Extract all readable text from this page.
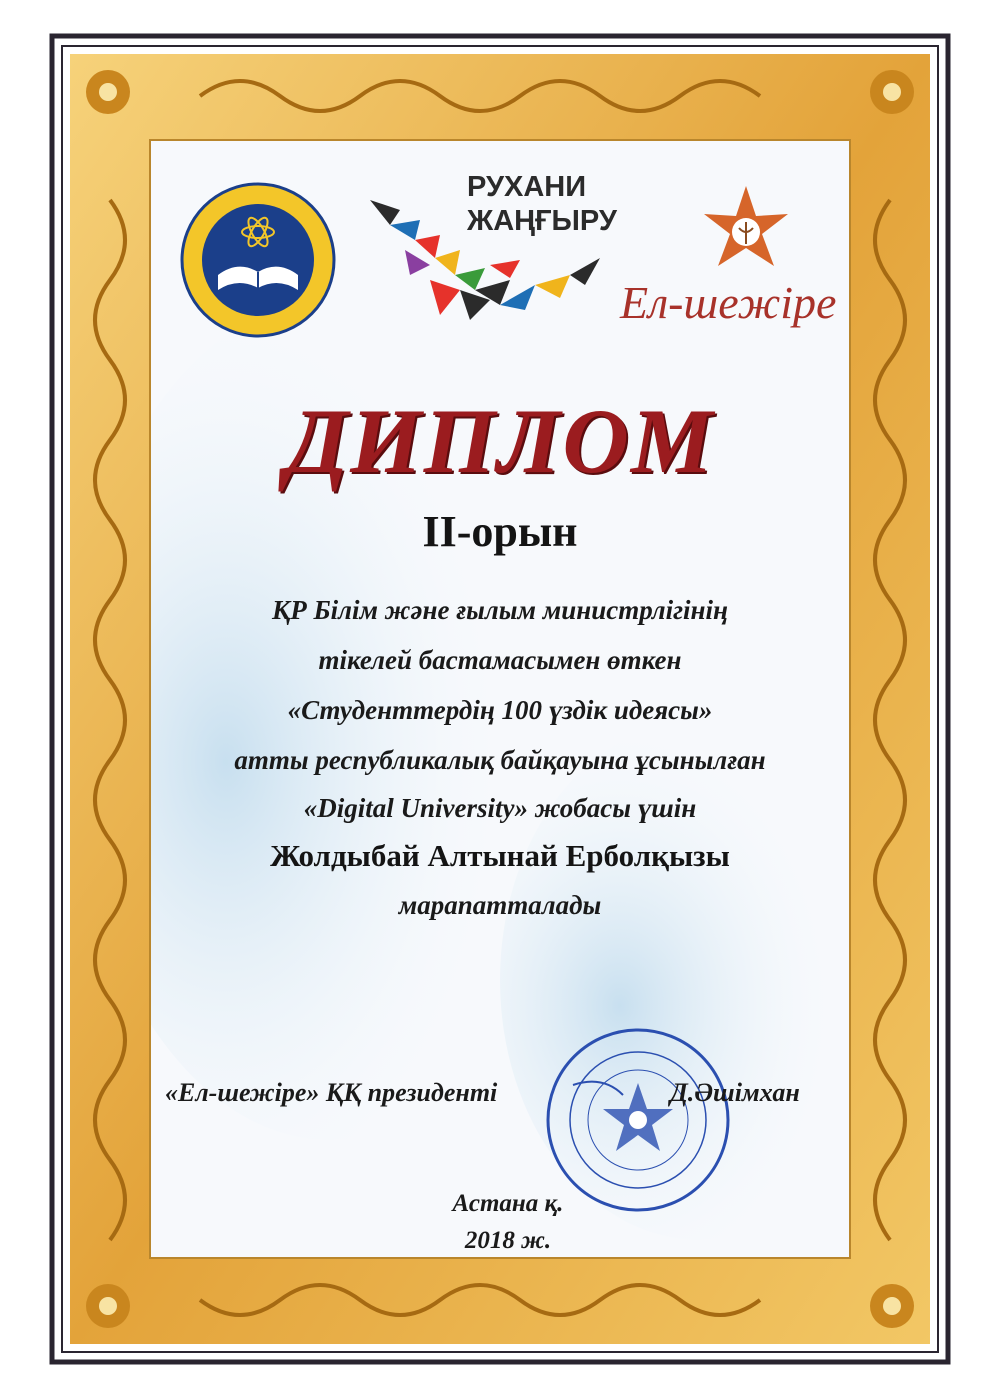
РУХАНИ
ЖАҢҒЫРУ
Ел-шежіре
ДИПЛОМ
II-орын
ҚР Білім және ғылым министрлігінің
тікелей бастамасымен өткен
«Студенттердің 100 үздік идеясы»
атты республикалық байқауына ұсынылған
«Digital University» жобасы үшін
Жолдыбай Алтынай Ерболқызы
марапатталады
«Ел-шежіре» ҚҚ президенті	Д.Әшімхан
Астана қ.
2018 ж.
